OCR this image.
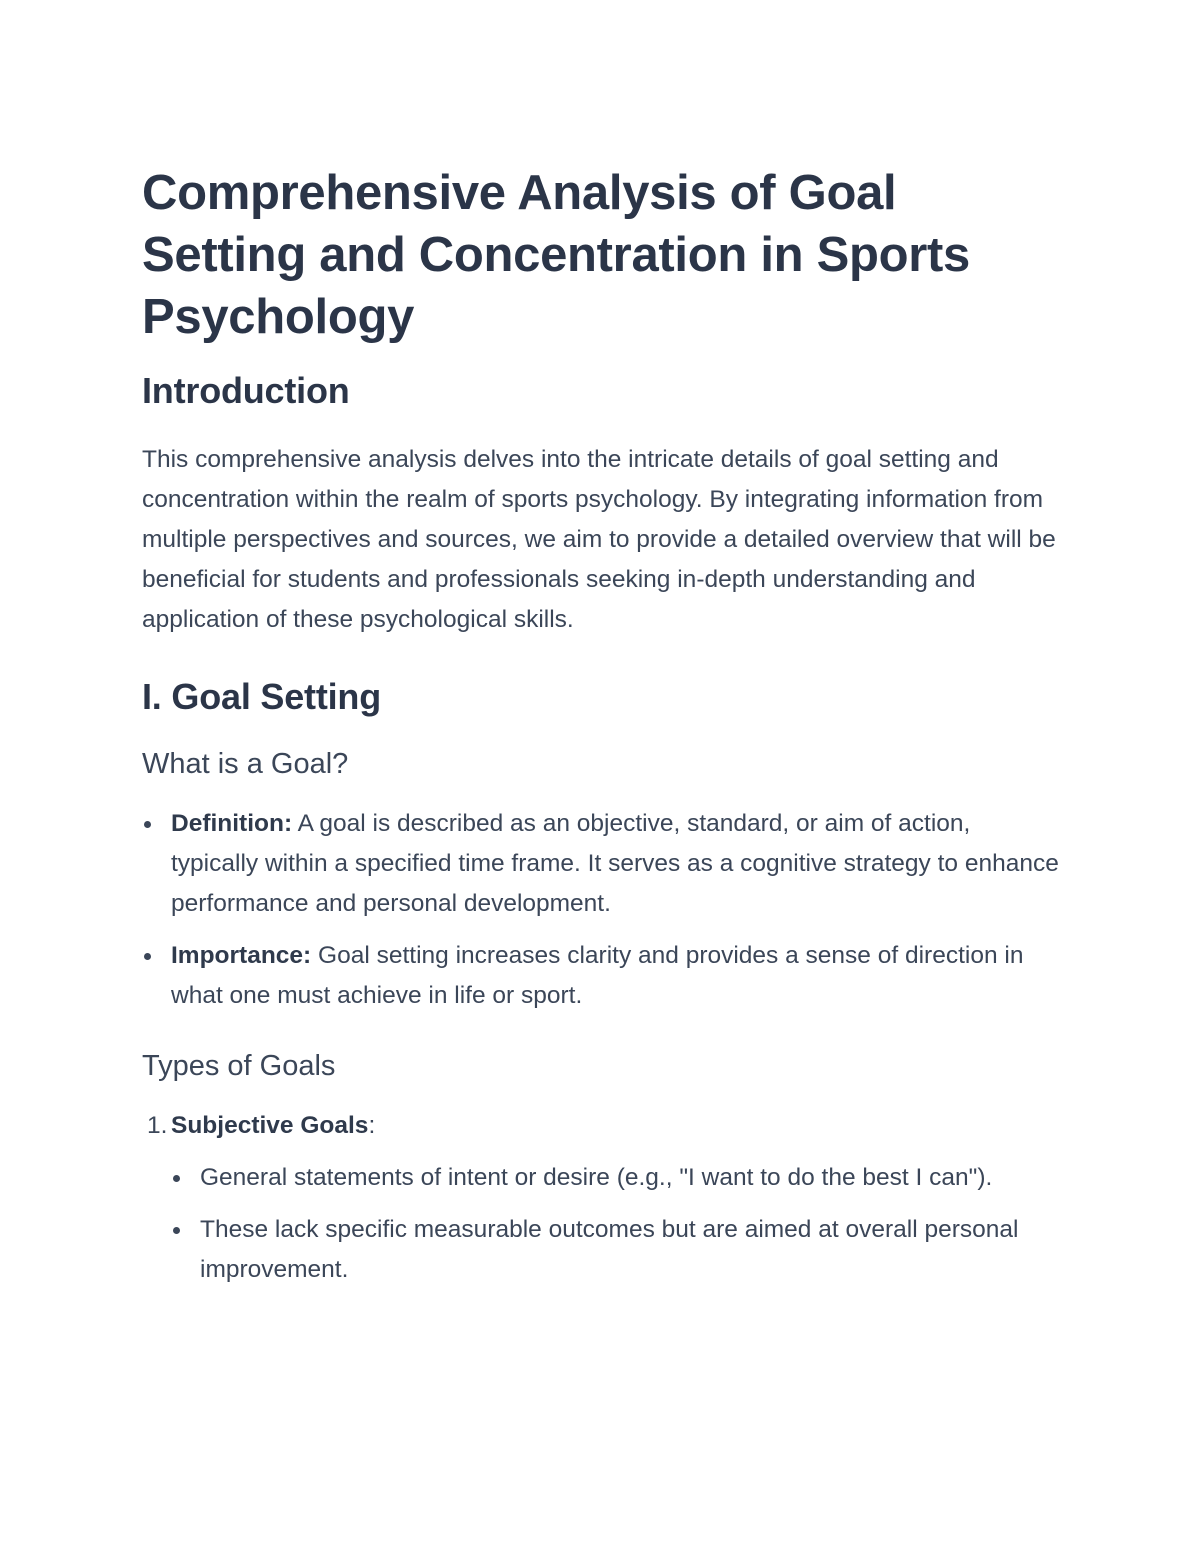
Comprehensive Analysis of Goal Setting and Concentration in Sports Psychology
Introduction

This comprehensive analysis delves into the intricate details of goal setting and concentration within the realm of sports psychology. By integrating information from multiple perspectives and sources, we aim to provide a detailed overview that will be beneficial for students and professionals seeking in-depth understanding and application of these psychological skills.

I. Goal Setting
What is a Goal?
Definition: A goal is described as an objective, standard, or aim of action, typically within a specified time frame. It serves as a cognitive strategy to enhance performance and personal development.
Importance: Goal setting increases clarity and provides a sense of direction in what one must achieve in life or sport.
Types of Goals
1. Subjective Goals:
General statements of intent or desire (e.g., "I want to do the best I can").
These lack specific measurable outcomes but are aimed at overall personal improvement.
